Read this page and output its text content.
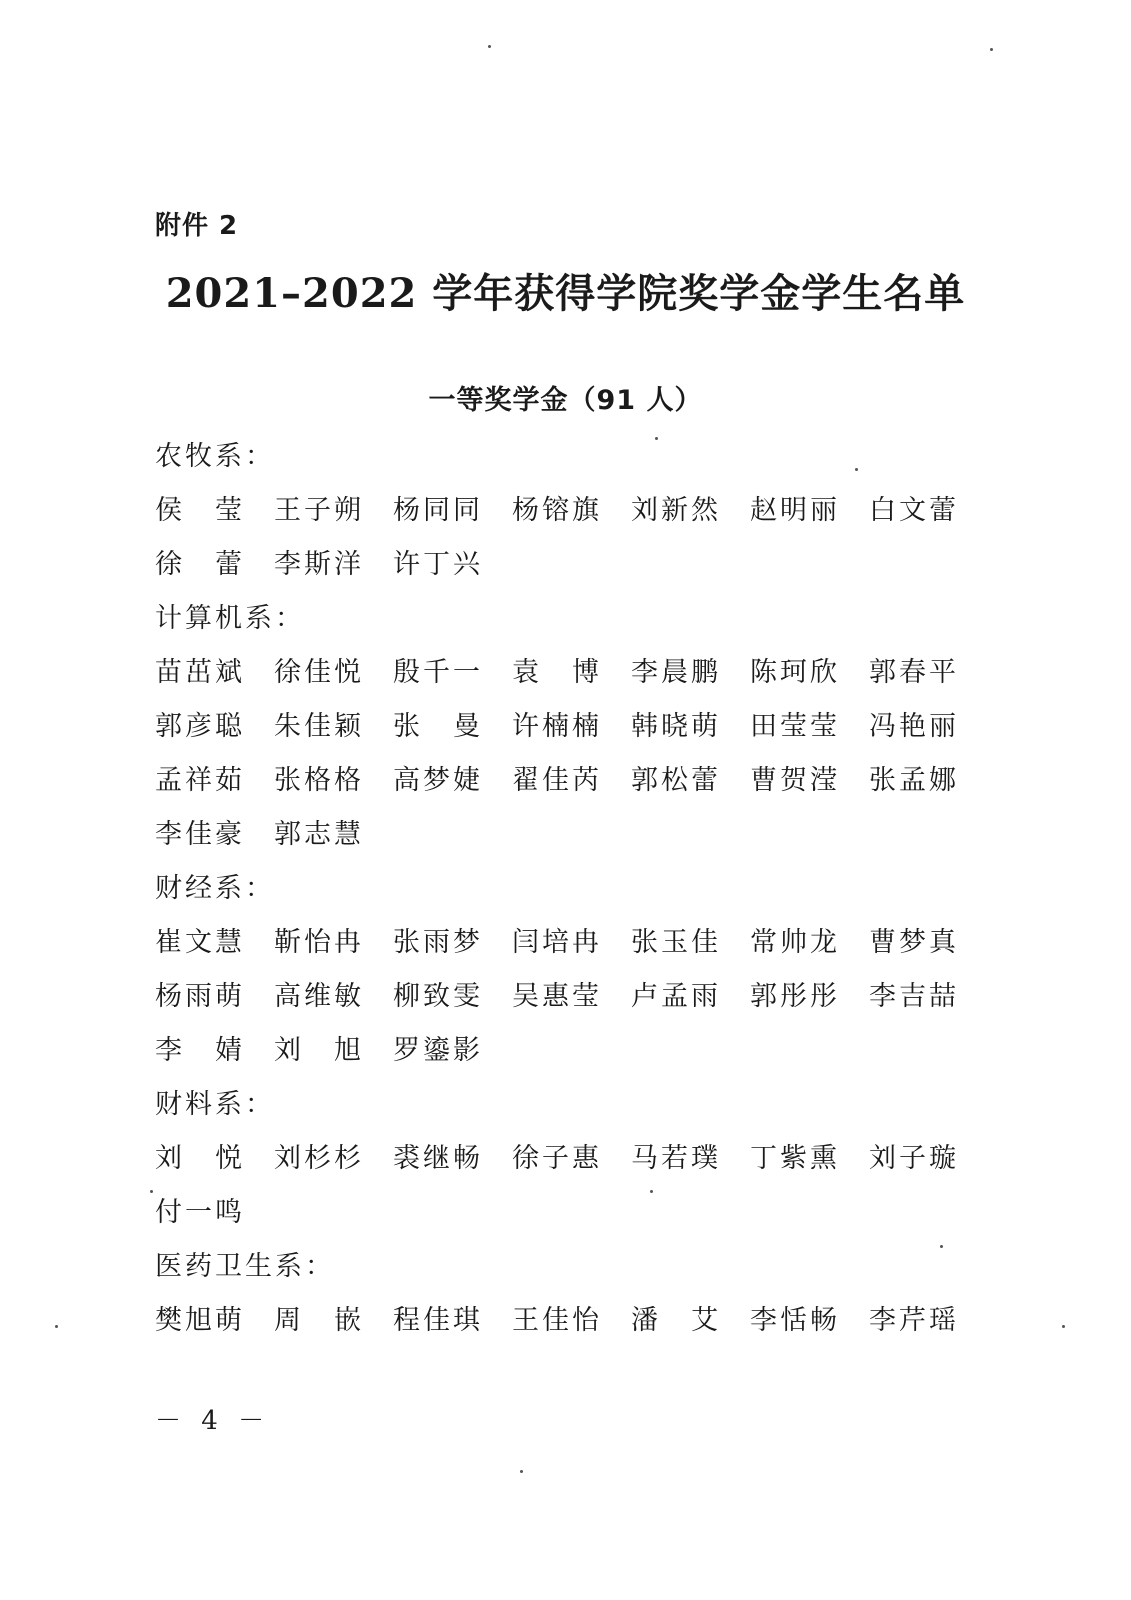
附件 2
2021–2022 学年获得学院奖学金学生名单
一等奖学金（91 人）
农牧系：
侯　莹 王子朔 杨同同 杨镕旗 刘新然 赵明丽 白文蕾
徐　蕾 李斯洋 许丁兴
计算机系：
苗茁斌 徐佳悦 殷千一 袁　博 李晨鹏 陈珂欣 郭春平
郭彦聪 朱佳颖 张　曼 许楠楠 韩晓萌 田莹莹 冯艳丽
孟祥茹 张格格 高梦婕 翟佳芮 郭松蕾 曹贺滢 张孟娜
李佳豪 郭志慧
财经系：
崔文慧 靳怡冉 张雨梦 闫培冉 张玉佳 常帅龙 曹梦真
杨雨萌 高维敏 柳致雯 吴惠莹 卢孟雨 郭彤彤 李吉喆
李　婧 刘　旭 罗鎏影
财料系：
刘　悦 刘杉杉 裘继畅 徐子惠 马若璞 丁紫熏 刘子璇
付一鸣
医药卫生系：
樊旭萌 周　嵌 程佳琪 王佳怡 潘　艾 李恬畅 李芹瑶
－ 4 －
